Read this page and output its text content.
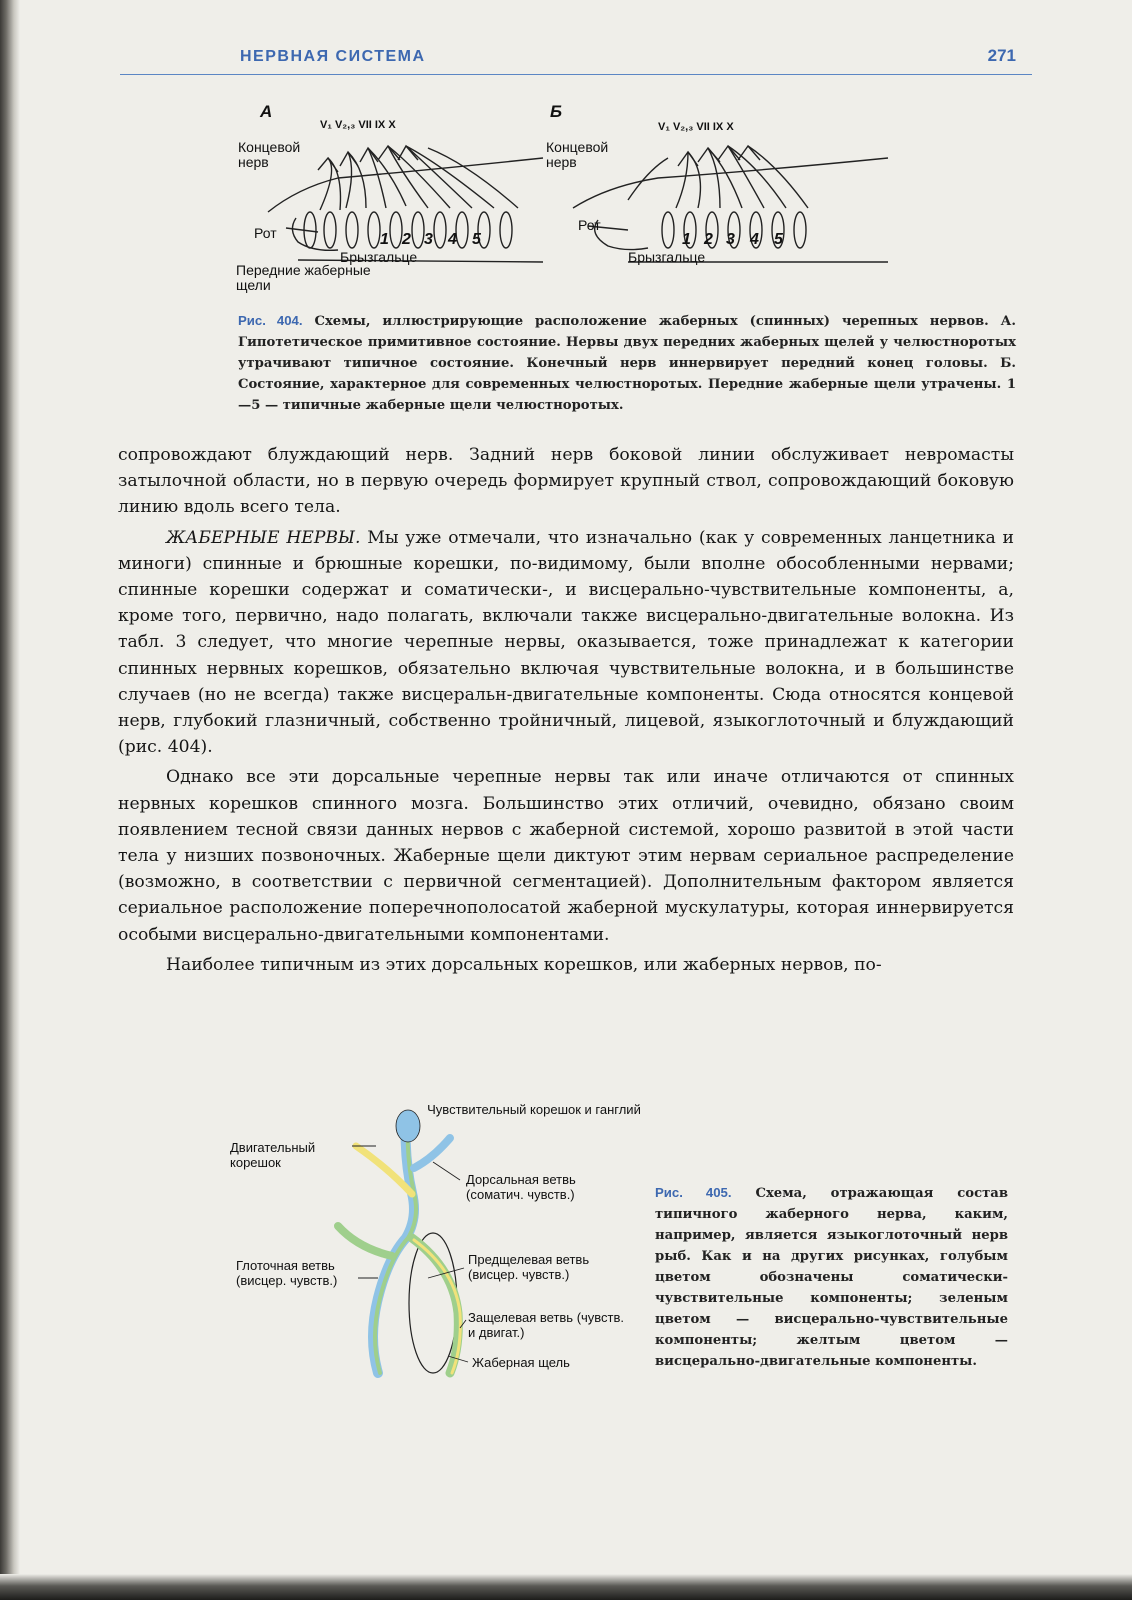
НЕРВНАЯ СИСТЕМА	271
А	Б
V₁ V₂,₃ VII IX X	V₁ V₂,₃ VII IX X
Концевой нерв
Концевой нерв
Рот	Рот
Брызгальце	Брызгальце
Передние жаберные щели
1 2 3 4 5	1 2 3 4 5
Рис. 404. Схемы, иллюстрирующие расположение жаберных (спинных) черепных нервов. А. Гипотетическое примитивное состояние. Нервы двух передних жаберных щелей у челюстноротых утрачивают типичное состояние. Конечный нерв иннервирует передний конец головы. Б. Состояние, характерное для современных челюстноротых. Передние жаберные щели утрачены. 1—5 — типичные жаберные щели челюстноротых.

сопровождают блуждающий нерв. Задний нерв боковой линии обслуживает невромасты затылочной области, но в первую очередь формирует крупный ствол, сопровождающий боковую линию вдоль всего тела.

ЖАБЕРНЫЕ НЕРВЫ. Мы уже отмечали, что изначально (как у современных ланцетника и миноги) спинные и брюшные корешки, по-видимому, были вполне обособленными нервами; спинные корешки содержат и соматически-, и висцерально-чувствительные компоненты, а, кроме того, первично, надо полагать, включали также висцерально-двигательные волокна. Из табл. 3 следует, что многие черепные нервы, оказывается, тоже принадлежат к категории спинных нервных корешков, обязательно включая чувствительные волокна, и в большинстве случаев (но не всегда) также висцеральн-двигательные компоненты. Сюда относятся концевой нерв, глубокий глазничный, собственно тройничный, лицевой, языкоглоточный и блуждающий (рис. 404).

Однако все эти дорсальные черепные нервы так или иначе отличаются от спинных нервных корешков спинного мозга. Большинство этих отличий, очевидно, обязано своим появлением тесной связи данных нервов с жаберной системой, хорошо развитой в этой части тела у низших позвоночных. Жаберные щели диктуют этим нервам сериальное распределение (возможно, в соответствии с первичной сегментацией). Дополнительным фактором является сериальное расположение поперечнополосатой жаберной мускулатуры, которая иннервируется особыми висцерально-двигательными компонентами.

Наиболее типичным из этих дорсальных корешков, или жаберных нервов, по-

Чувствительный корешок и ганглий
Двигательный корешок
Дорсальная ветвь (соматич. чувств.)
Глоточная ветвь (висцер. чувств.)
Предщелевая ветвь (висцер. чувств.)
Защелевая ветвь (чувств. и двигат.)
Жаберная щель
Рис. 405. Схема, отражающая состав типичного жаберного нерва, каким, например, является языкоглоточный нерв рыб. Как и на других рисунках, голубым цветом обозначены соматически-чувствительные компоненты; зеленым цветом — висцерально-чувствительные компоненты; желтым цветом — висцерально-двигательные компоненты.
